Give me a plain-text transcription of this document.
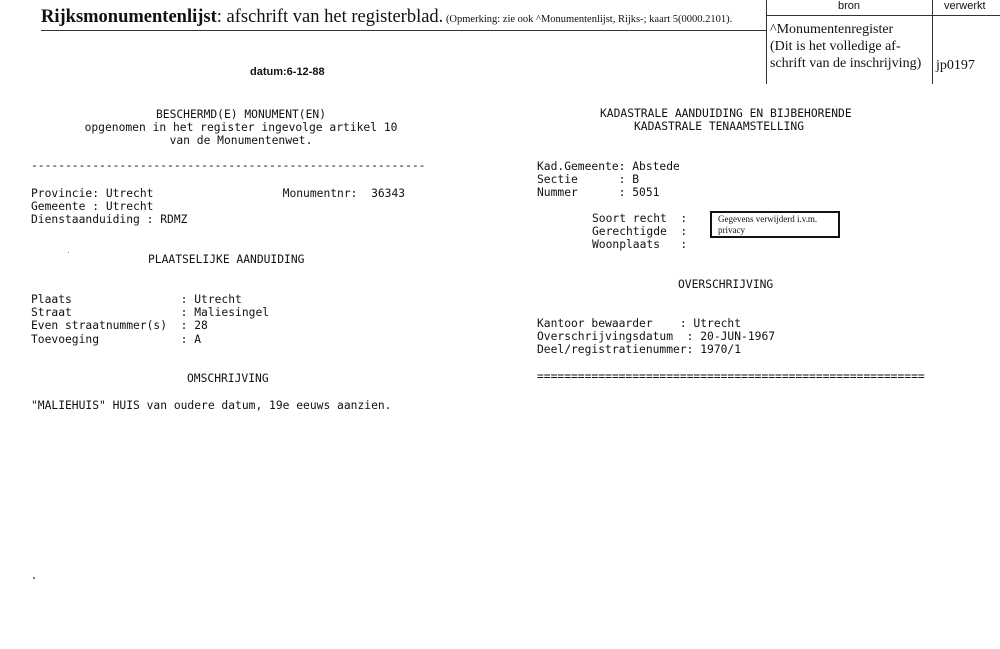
Rijksmonumentenlijst: afschrift van het registerblad. (Opmerking: zie ook ^Monumentenlijst, Rijks-; kaart 5(0000.2101).
bron	verwerkt
^Monumentenregister
(Dit is het volledige af-
schrift van de inschrijving) jp0197
datum:6-12-88
BESCHERMD(E) MONUMENT(EN)
opgenomen in het register ingevolge artikel 10
van de Monumentenwet.
----------------------------------------------------------
Provincie: Utrecht                   Monumentnr:  36343
Gemeente : Utrecht
Dienstaanduiding : RDMZ
PLAATSELIJKE AANDUIDING
Plaats                : Utrecht
Straat                : Maliesingel
Even straatnummer(s)  : 28
Toevoeging            : A
OMSCHRIJVING
"MALIEHUIS" HUIS van oudere datum, 19e eeuws aanzien.
KADASTRALE AANDUIDING EN BIJBEHORENDE
KADASTRALE TENAAMSTELLING
Kad.Gemeente: Abstede
Sectie      : B
Nummer      : 5051
Soort recht  :
Gerechtigde  :
Woonplaats   :
Gegevens verwijderd i.v.m. privacy
OVERSCHRIJVING
Kantoor bewaarder    : Utrecht
Overschrijvingsdatum  : 20-JUN-1967
Deel/registratienummer: 1970/1
=========================================================
